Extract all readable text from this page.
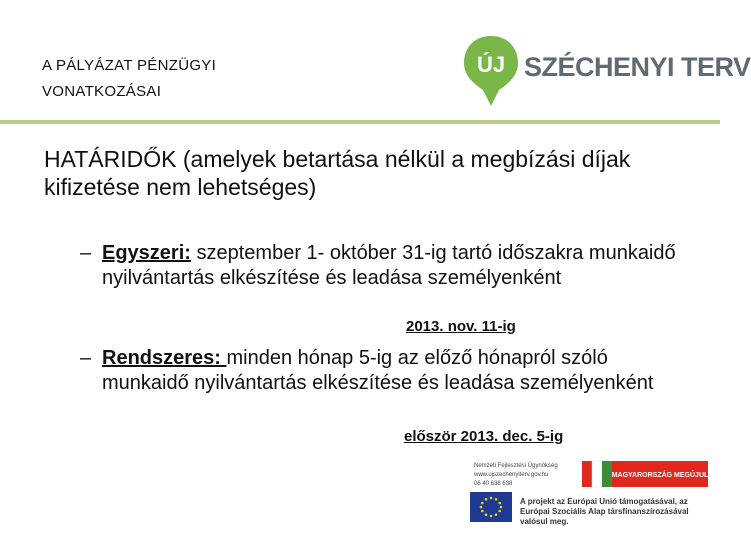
A PÁLYÁZAT PÉNZÜGYI
VONATKOZÁSAI
ÚJ SZÉCHENYI TERV
HATÁRIDŐK (amelyek betartása nélkül a megbízási díjak kifizetése nem lehetséges)
– Egyszeri: szeptember 1- október 31-ig tartó időszakra munkaidő nyilvántartás elkészítése és leadása személyenként
2013. nov. 11-ig
– Rendszeres: minden hónap 5-ig az előző hónapról szóló munkaidő nyilvántartás elkészítése és leadása személyenként
először 2013. dec. 5-ig
Nemzeti Fejlesztési Ügynökség
www.ujszechenyiterv.gov.hu
06 40 638 638
MAGYARORSZÁG MEGÚJUL
A projekt az Európai Unió támogatásával, az Európai Szociális Alap társfinanszírozásával valósul meg.
